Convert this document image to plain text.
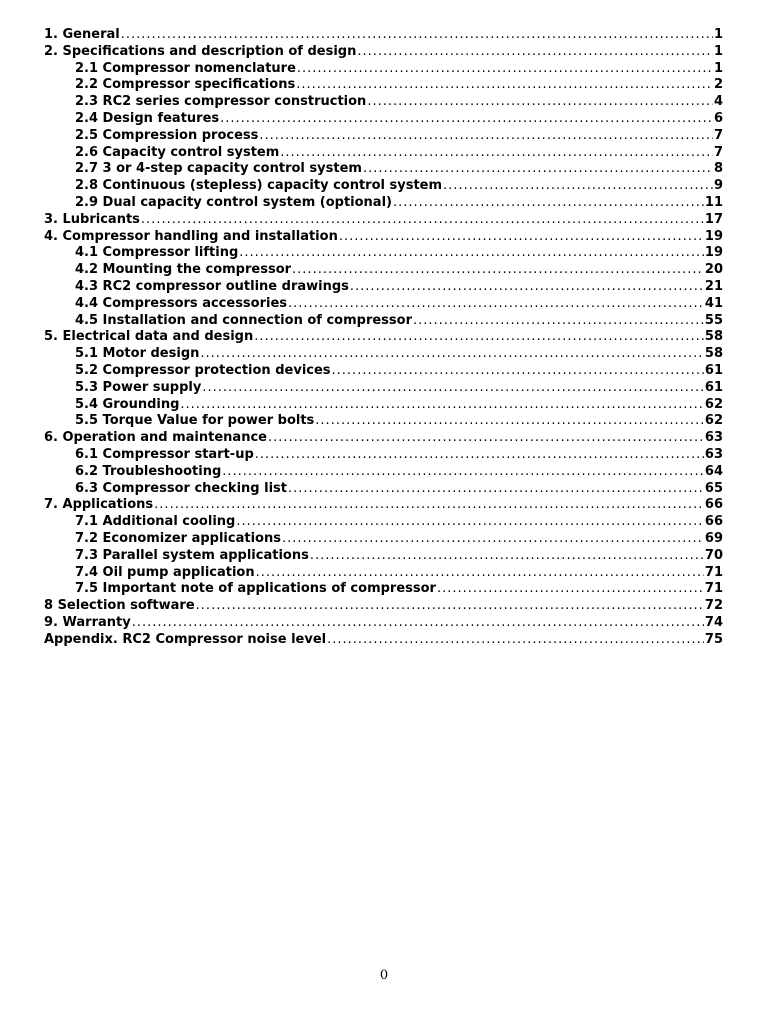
1. General .....	1
2. Specifications and description of design .....	1
2.1 Compressor nomenclature .....	1
2.2 Compressor specifications .....	2
2.3 RC2 series compressor construction .....	4
2.4 Design features .....	6
2.5 Compression process .....	7
2.6 Capacity control system .....	7
2.7 3 or 4-step capacity control system .....	8
2.8 Continuous (stepless) capacity control system .....	9
2.9 Dual capacity control system (optional) .....	11
3. Lubricants .....	17
4. Compressor handling and installation .....	19
4.1 Compressor lifting .....	19
4.2 Mounting the compressor .....	20
4.3 RC2 compressor outline drawings .....	21
4.4 Compressors accessories .....	41
4.5 Installation and connection of compressor .....	55
5. Electrical data and design .....	58
5.1 Motor design .....	58
5.2 Compressor protection devices .....	61
5.3 Power supply .....	61
5.4 Grounding .....	62
5.5 Torque Value for power bolts .....	62
6. Operation and maintenance .....	63
6.1 Compressor start-up .....	63
6.2 Troubleshooting .....	64
6.3 Compressor checking list .....	65
7. Applications .....	66
7.1 Additional cooling .....	66
7.2 Economizer applications .....	69
7.3 Parallel system applications .....	70
7.4 Oil pump application .....	71
7.5 Important note of applications of compressor .....	71
8 Selection software .....	72
9. Warranty .....	74
Appendix. RC2 Compressor noise level .....	75
0
